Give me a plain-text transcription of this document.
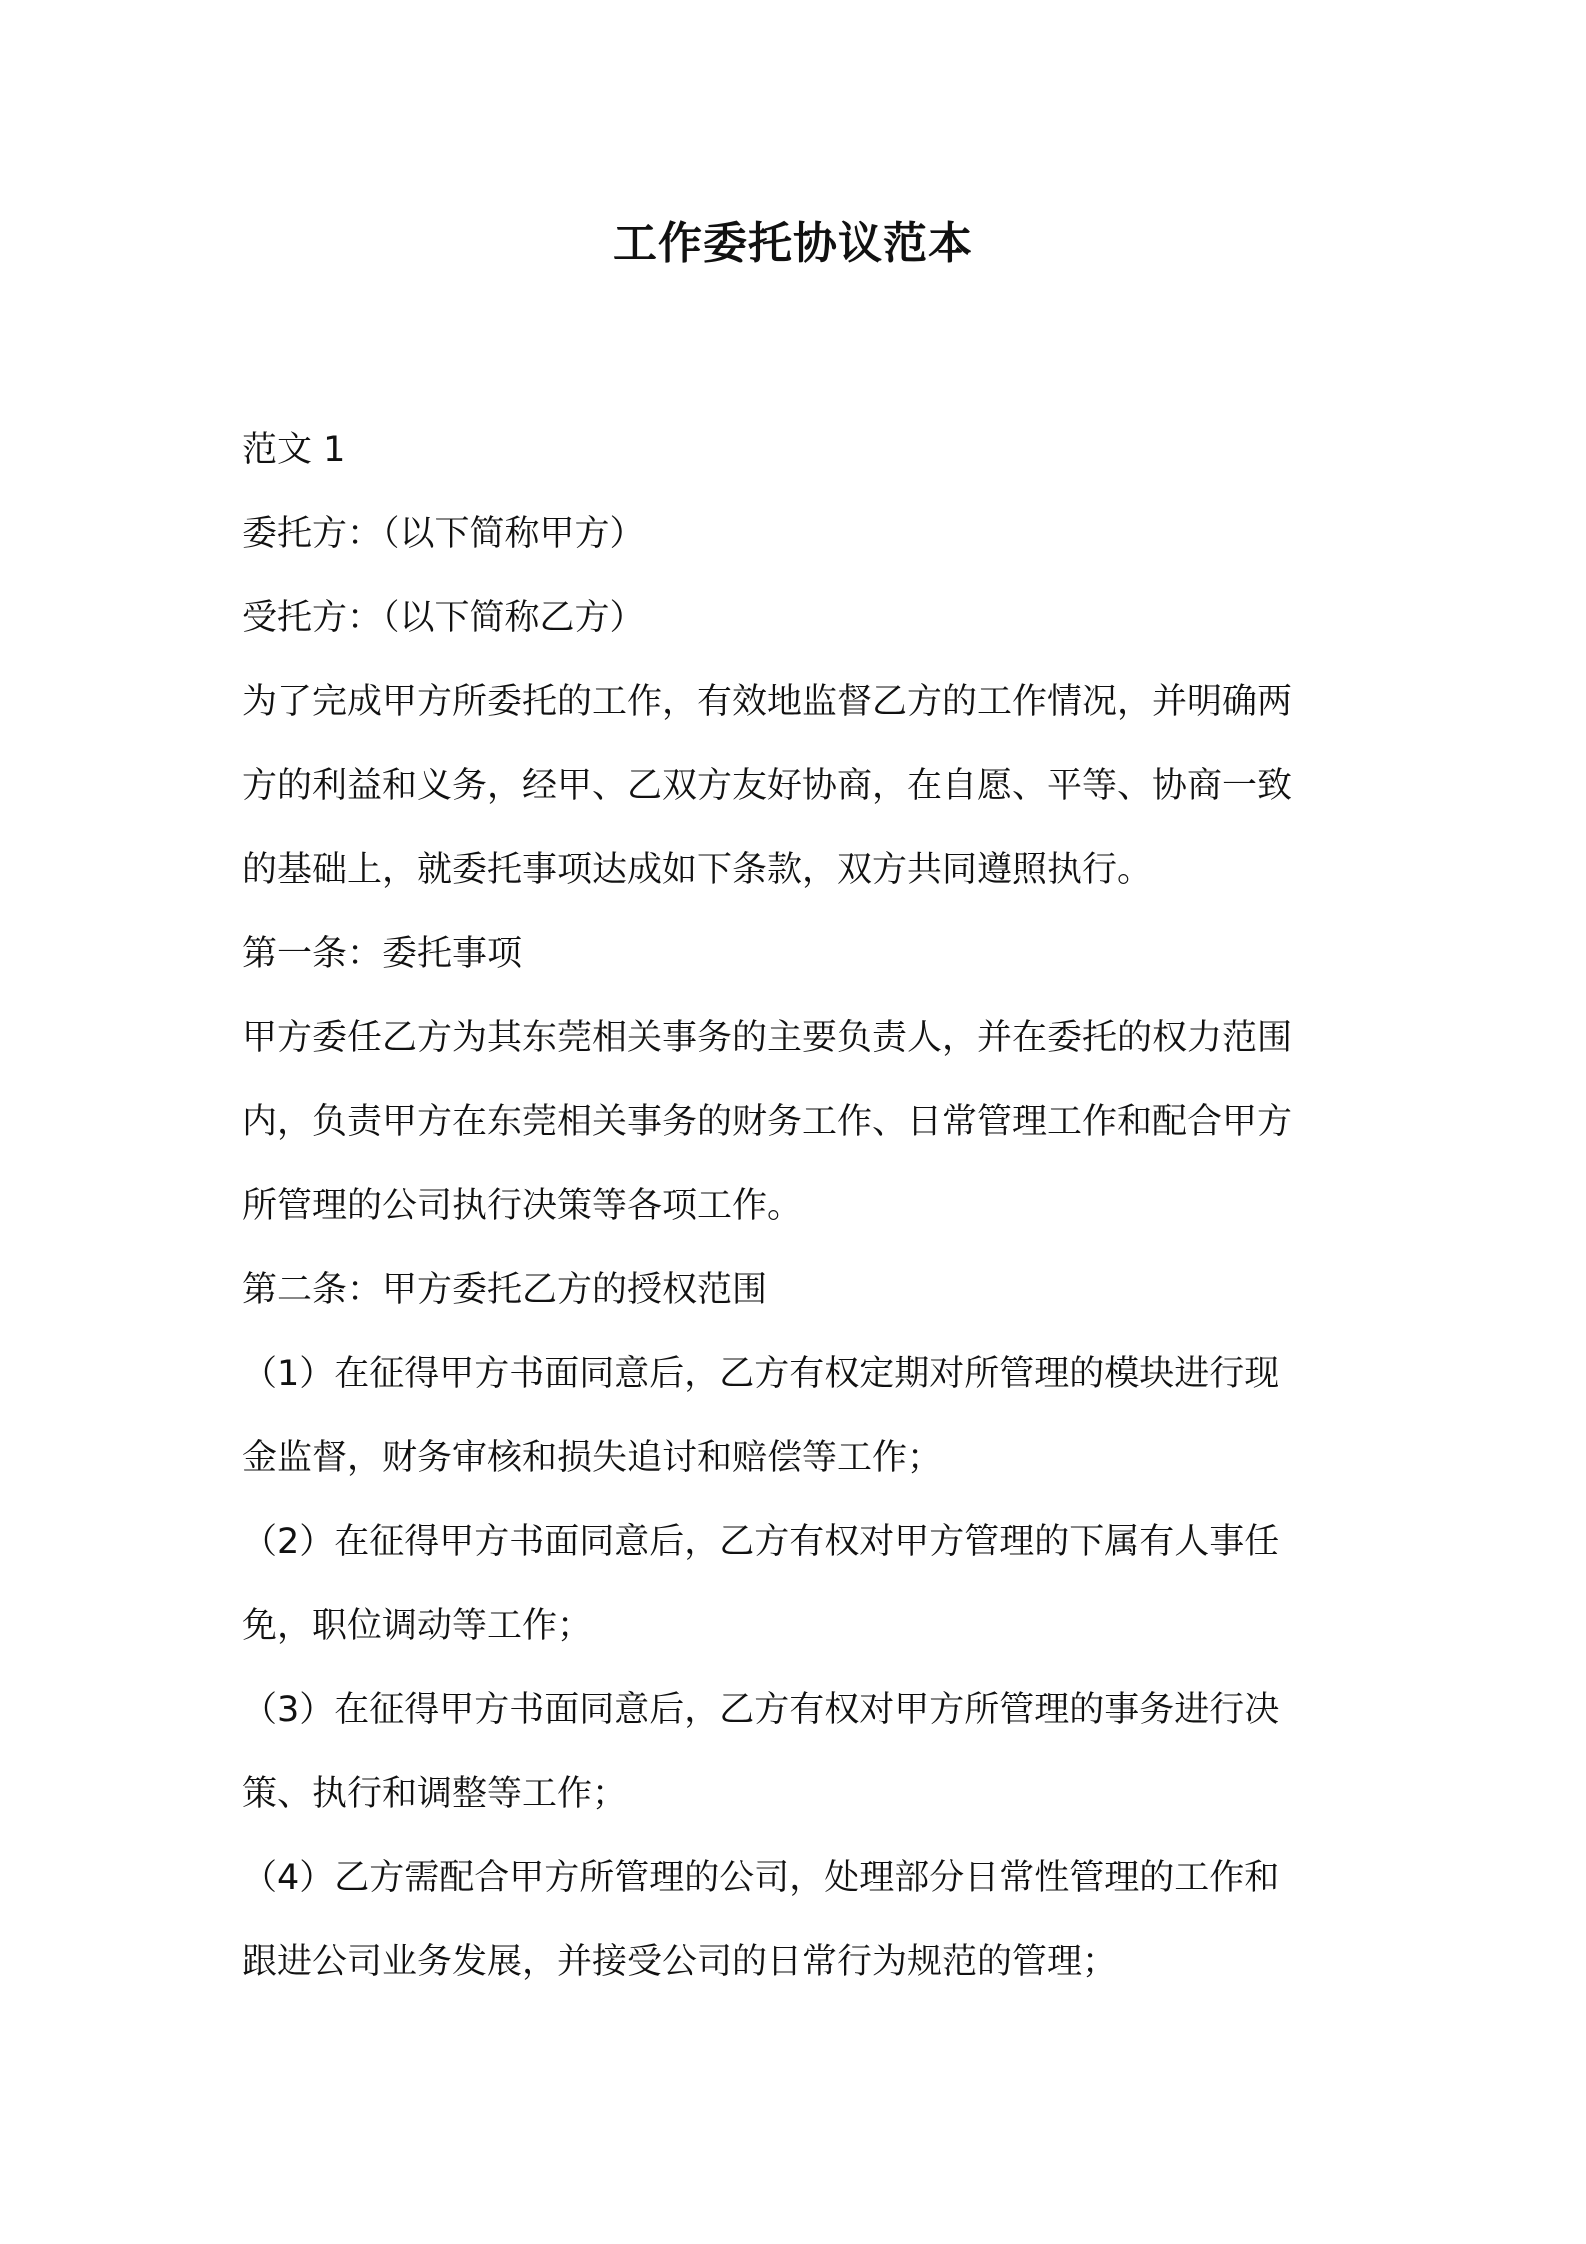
工作委托协议范本
范文 1
委托方：（以下简称甲方）
受托方：（以下简称乙方）
为了完成甲方所委托的工作，有效地监督乙方的工作情况，并明确两
方的利益和义务，经甲、乙双方友好协商，在自愿、平等、协商一致
的基础上，就委托事项达成如下条款，双方共同遵照执行。
第一条：委托事项
甲方委任乙方为其东莞相关事务的主要负责人，并在委托的权力范围
内，负责甲方在东莞相关事务的财务工作、日常管理工作和配合甲方
所管理的公司执行决策等各项工作。
第二条：甲方委托乙方的授权范围
（1）在征得甲方书面同意后，乙方有权定期对所管理的模块进行现
金监督，财务审核和损失追讨和赔偿等工作；
（2）在征得甲方书面同意后，乙方有权对甲方管理的下属有人事任
免，职位调动等工作；
（3）在征得甲方书面同意后，乙方有权对甲方所管理的事务进行决
策、执行和调整等工作；
（4）乙方需配合甲方所管理的公司，处理部分日常性管理的工作和
跟进公司业务发展，并接受公司的日常行为规范的管理；
